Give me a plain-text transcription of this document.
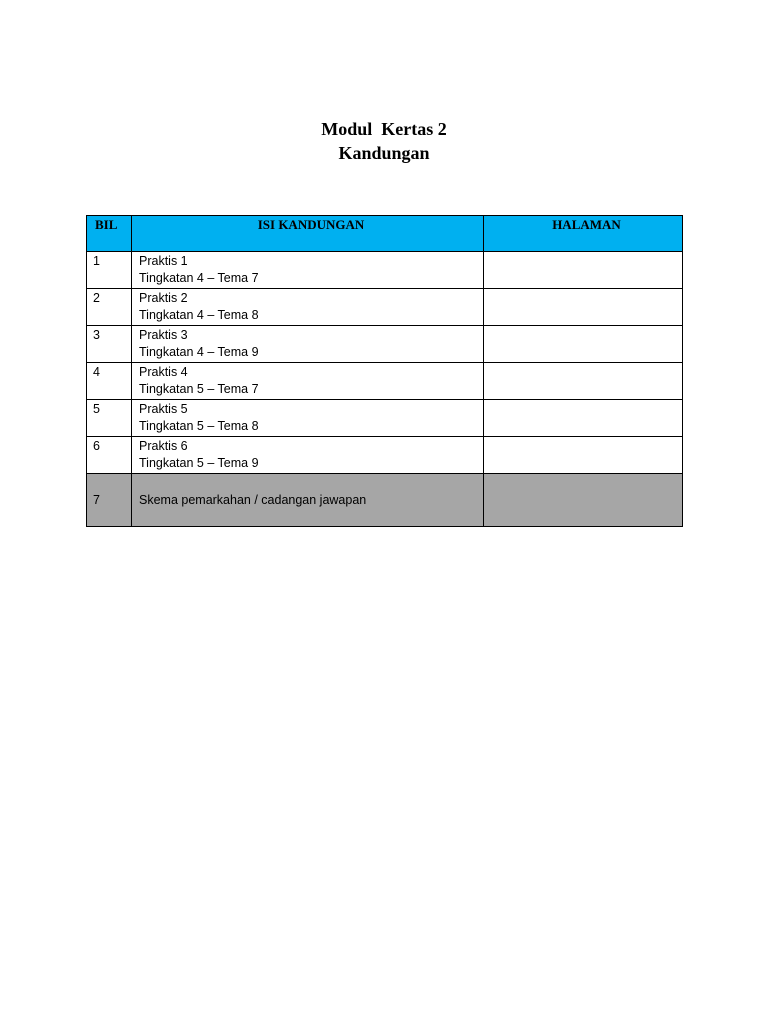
Modul  Kertas 2
Kandungan
BIL	ISI KANDUNGAN	HALAMAN
1	Praktis 1
Tingkatan 4 – Tema 7	

2	Praktis 2
Tingkatan 4 – Tema 8	

3	Praktis 3
Tingkatan 4 – Tema 9	

4	Praktis 4
Tingkatan 5 – Tema 7	

5	Praktis 5
Tingkatan 5 – Tema 8	

6	Praktis 6
Tingkatan 5 – Tema 9	

7	Skema pemarkahan / cadangan jawapan	
